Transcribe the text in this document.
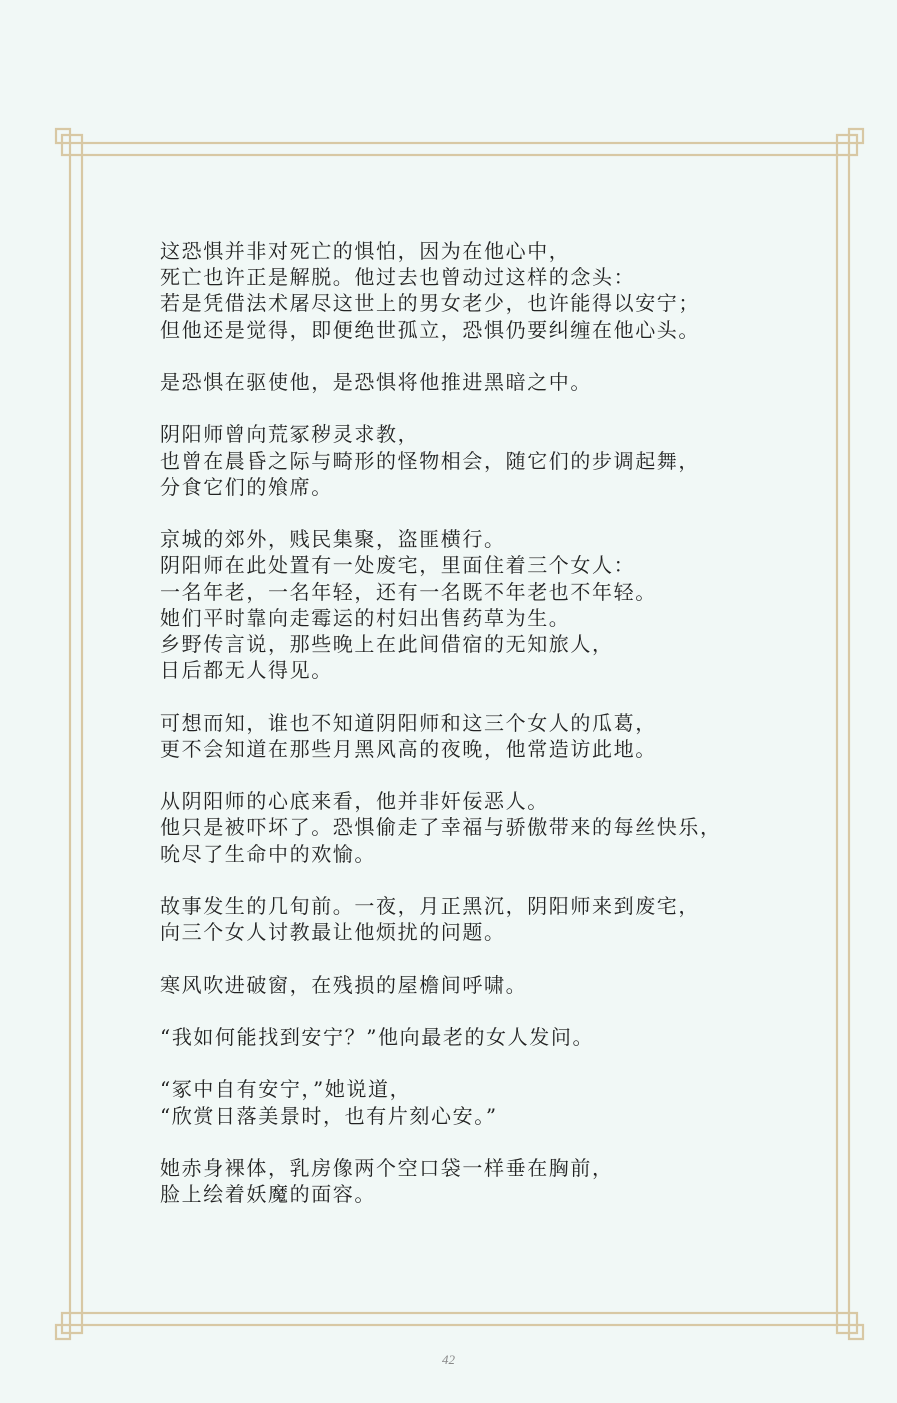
这恐惧并非对死亡的惧怕，因为在他心中，
死亡也许正是解脱。他过去也曾动过这样的念头：
若是凭借法术屠尽这世上的男女老少，也许能得以安宁；
但他还是觉得，即便绝世孤立，恐惧仍要纠缠在他心头。
是恐惧在驱使他，是恐惧将他推进黑暗之中。
阴阳师曾向荒冢秽灵求教，
也曾在晨昏之际与畸形的怪物相会，随它们的步调起舞，
分食它们的飧席。
京城的郊外，贱民集聚，盗匪横行。
阴阳师在此处置有一处废宅，里面住着三个女人：
一名年老，一名年轻，还有一名既不年老也不年轻。
她们平时靠向走霉运的村妇出售药草为生。
乡野传言说，那些晚上在此间借宿的无知旅人，
日后都无人得见。
可想而知，谁也不知道阴阳师和这三个女人的瓜葛，
更不会知道在那些月黑风高的夜晚，他常造访此地。
从阴阳师的心底来看，他并非奸佞恶人。
他只是被吓坏了。恐惧偷走了幸福与骄傲带来的每丝快乐，
吮尽了生命中的欢愉。
故事发生的几旬前。一夜，月正黑沉，阴阳师来到废宅，
向三个女人讨教最让他烦扰的问题。
寒风吹进破窗，在残损的屋檐间呼啸。
“我如何能找到安宁？”他向最老的女人发问。
“冢中自有安宁，”她说道，
“欣赏日落美景时，也有片刻心安。”
她赤身裸体，乳房像两个空口袋一样垂在胸前，
脸上绘着妖魔的面容。
42
